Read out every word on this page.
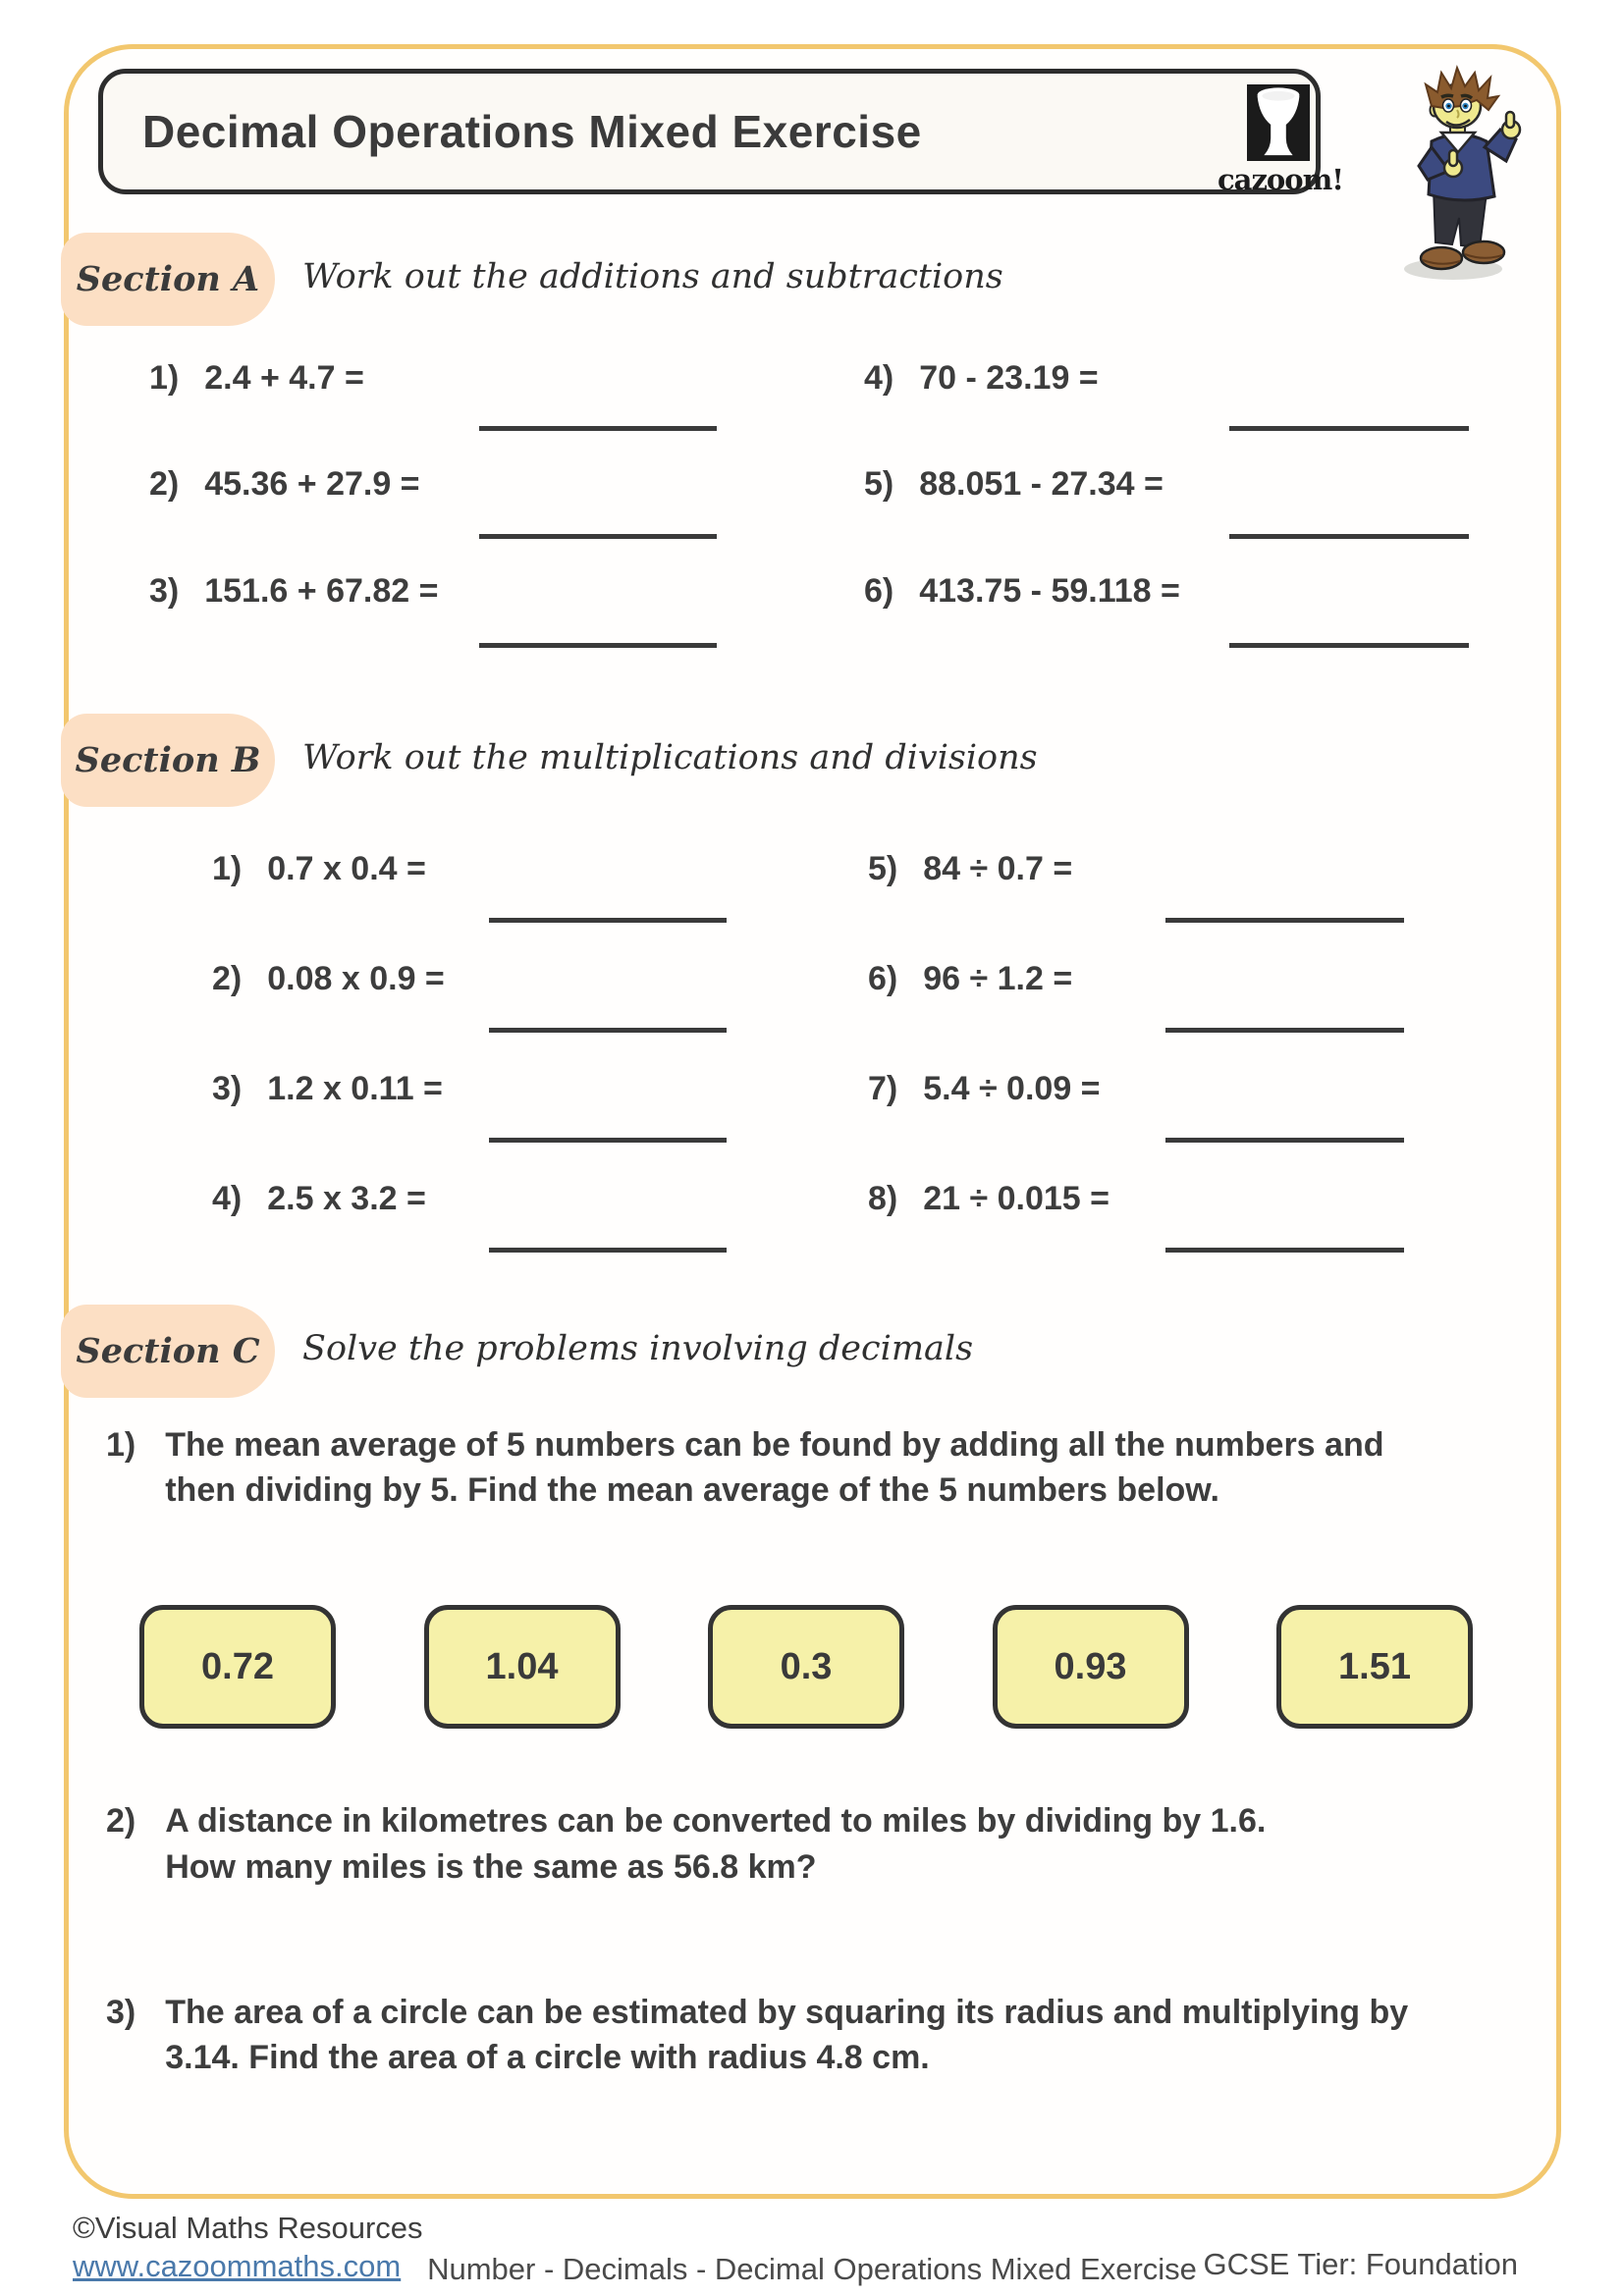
Decimal Operations Mixed Exercise
cazoom!
Section A Work out the additions and subtractions
1) 2.4 + 4.7 =
2) 45.36 + 27.9 =
3) 151.6 + 67.82 =
4) 70 - 23.19 =
5) 88.051 - 27.34 =
6) 413.75 - 59.118 =
Section B Work out the multiplications and divisions
1) 0.7 x 0.4 =
2) 0.08 x 0.9 =
3) 1.2 x 0.11 =
4) 2.5 x 3.2 =
5) 84 ÷ 0.7 =
6) 96 ÷ 1.2 =
7) 5.4 ÷ 0.09 =
8) 21 ÷ 0.015 =
Section C Solve the problems involving decimals
1) The mean average of 5 numbers can be found by adding all the numbers and
then dividing by 5. Find the mean average of the 5 numbers below.
0.72	1.04	0.3	0.93	1.51
2) A distance in kilometres can be converted to miles by dividing by 1.6.
How many miles is the same as 56.8 km?
3) The area of a circle can be estimated by squaring its radius and multiplying by
3.14. Find the area of a circle with radius 4.8 cm.
©Visual Maths Resources
www.cazoommaths.com Number - Decimals - Decimal Operations Mixed Exercise GCSE Tier: Foundation
